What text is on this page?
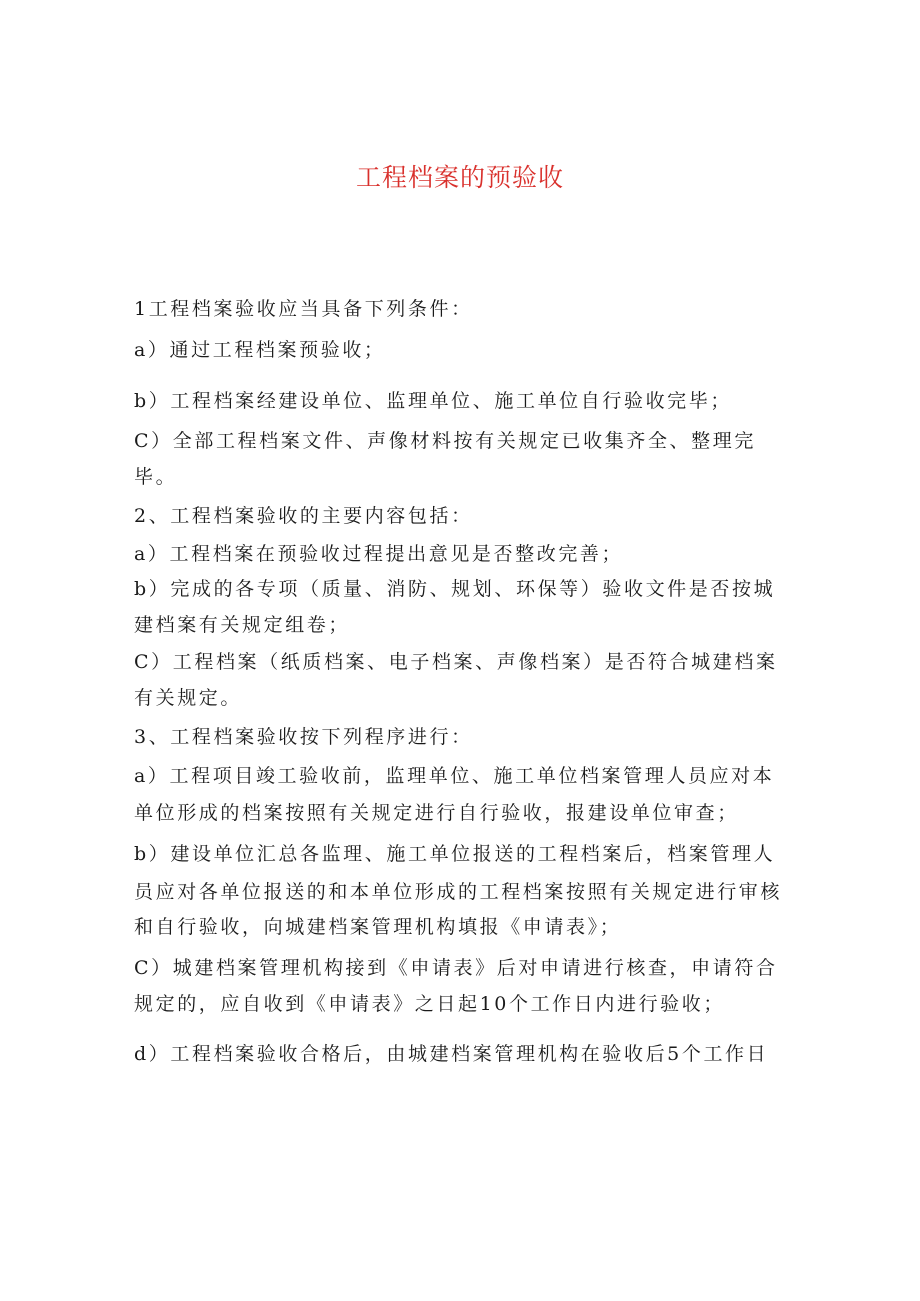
工程档案的预验收

1工程档案验收应当具备下列条件：

a）通过工程档案预验收；

b）工程档案经建设单位、监理单位、施工单位自行验收完毕；

C）全部工程档案文件、声像材料按有关规定已收集齐全、整理完

毕。

2、工程档案验收的主要内容包括：

a）工程档案在预验收过程提出意见是否整改完善；

b）完成的各专项（质量、消防、规划、环保等）验收文件是否按城

建档案有关规定组卷；

C）工程档案（纸质档案、电子档案、声像档案）是否符合城建档案

有关规定。

3、工程档案验收按下列程序进行：

a）工程项目竣工验收前，监理单位、施工单位档案管理人员应对本

单位形成的档案按照有关规定进行自行验收，报建设单位审查；

b）建设单位汇总各监理、施工单位报送的工程档案后，档案管理人

员应对各单位报送的和本单位形成的工程档案按照有关规定进行审核

和自行验收，向城建档案管理机构填报《申请表》；

C）城建档案管理机构接到《申请表》后对申请进行核查，申请符合

规定的，应自收到《申请表》之日起10个工作日内进行验收；

d）工程档案验收合格后，由城建档案管理机构在验收后5个工作日
